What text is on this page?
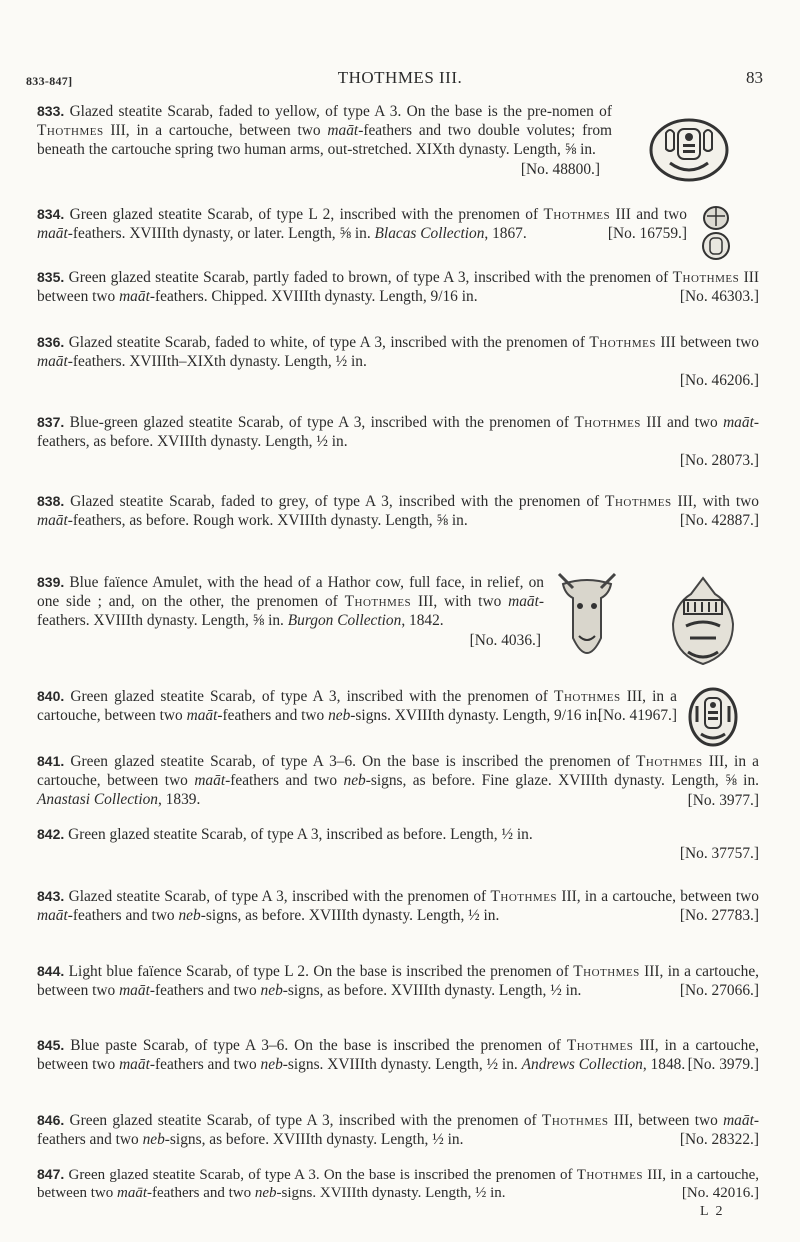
833-847]	THOTHMES III.	83
833. Glazed steatite Scarab, faded to yellow, of type A 3. On the base is the pre-nomen of Thothmes III, in a cartouche, between two maāt-feathers and two double volutes; from beneath the cartouche spring two human arms, out-stretched. XIXth dynasty. Length, ⅝ in.
[No. 48800.]
834. Green glazed steatite Scarab, of type L 2, inscribed with the prenomen of Thothmes III and two maāt-feathers. XVIIIth dynasty, or later. Length, ⅝ in. Blacas Collection, 1867.	[No. 16759.]
835. Green glazed steatite Scarab, partly faded to brown, of type A 3, inscribed with the prenomen of Thothmes III between two maāt-feathers. Chipped. XVIIIth dynasty. Length, 9/16 in.	[No. 46303.]
836. Glazed steatite Scarab, faded to white, of type A 3, inscribed with the prenomen of Thothmes III between two maāt-feathers. XVIIIth–XIXth dynasty. Length, ½ in.
[No. 46206.]
837. Blue-green glazed steatite Scarab, of type A 3, inscribed with the prenomen of Thothmes III and two maāt-feathers, as before. XVIIIth dynasty. Length, ½ in.
[No. 28073.]
838. Glazed steatite Scarab, faded to grey, of type A 3, inscribed with the prenomen of Thothmes III, with two maāt-feathers, as before. Rough work. XVIIIth dynasty. Length, ⅝ in.	[No. 42887.]
839. Blue faïence Amulet, with the head of a Hathor cow, full face, in relief, on one side ; and, on the other, the prenomen of Thothmes III, with two maāt-feathers. XVIIIth dynasty. Length, ⅝ in. Burgon Collection, 1842.
[No. 4036.]
840. Green glazed steatite Scarab, of type A 3, inscribed with the prenomen of Thothmes III, in a cartouche, between two maāt-feathers and two neb-signs. XVIIIth dynasty. Length, 9/16 in.
[No. 41967.]
841. Green glazed steatite Scarab, of type A 3–6. On the base is inscribed the prenomen of Thothmes III, in a cartouche, between two maāt-feathers and two neb-signs, as before. Fine glaze. XVIIIth dynasty. Length, ⅝ in. Anastasi Collection, 1839.	[No. 3977.]
842. Green glazed steatite Scarab, of type A 3, inscribed as before. Length, ½ in.
[No. 37757.]
843. Glazed steatite Scarab, of type A 3, inscribed with the prenomen of Thothmes III, in a cartouche, between two maāt-feathers and two neb-signs, as before. XVIIIth dynasty. Length, ½ in.	[No. 27783.]
844. Light blue faïence Scarab, of type L 2. On the base is inscribed the prenomen of Thothmes III, in a cartouche, between two maāt-feathers and two neb-signs, as before. XVIIIth dynasty. Length, ½ in.	[No. 27066.]
845. Blue paste Scarab, of type A 3–6. On the base is inscribed the prenomen of Thothmes III, in a cartouche, between two maāt-feathers and two neb-signs. XVIIIth dynasty. Length, ½ in. Andrews Collection, 1848. [No. 3979.]
846. Green glazed steatite Scarab, of type A 3, inscribed with the prenomen of Thothmes III, between two maāt-feathers and two neb-signs, as before. XVIIIth dynasty. Length, ½ in.	[No. 28322.]
847. Green glazed steatite Scarab, of type A 3. On the base is inscribed the prenomen of Thothmes III, in a cartouche, between two maāt-feathers and two neb-signs. XVIIIth dynasty. Length, ½ in.	[No. 42016.]
L 2
